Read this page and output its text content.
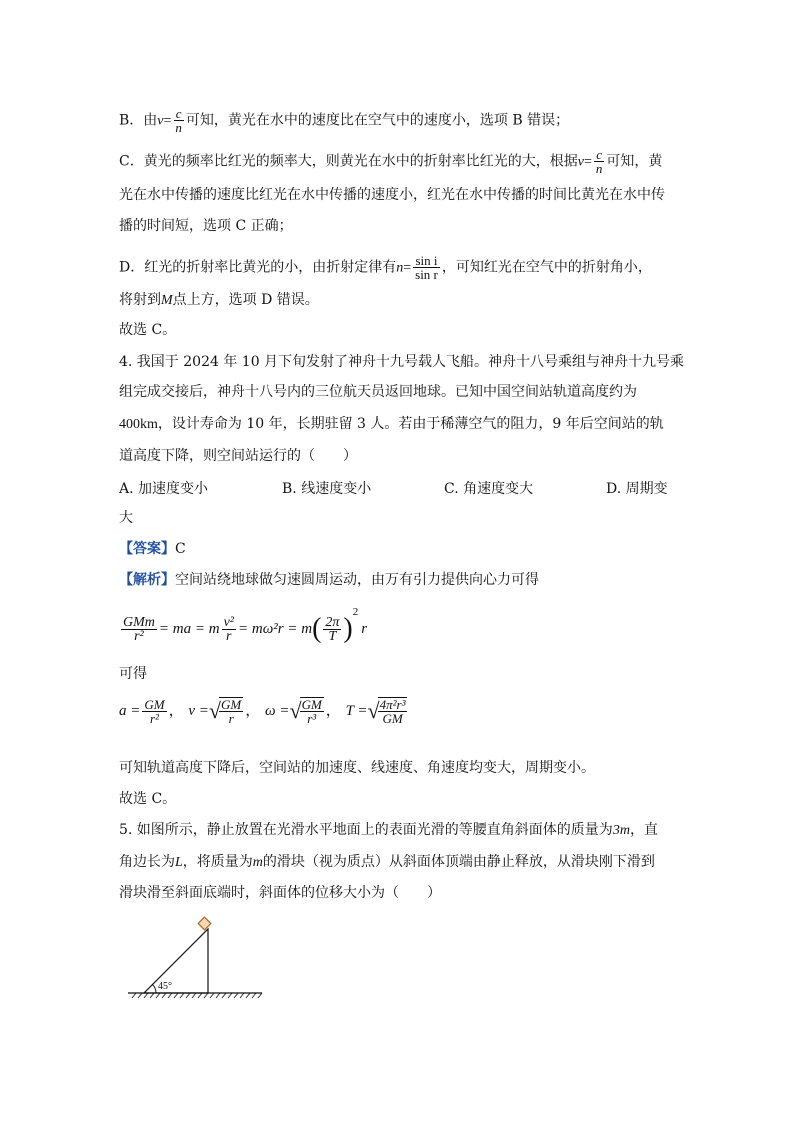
B．由$v= \frac{c}{n}$ 可知，黄光在水中的速度比在空气中的速度小，选项 B 错误；
C．黄光的频率比红光的频率大，则黄光在水中的折射率比红光的大，根据$v= \frac{c}{n}$ 可知，黄
光在水中传播的速度比红光在水中传播的速度小，红光在水中传播的时间比黄光在水中传
播的时间短，选项 C 正确；
D．红光的折射率比黄光的小，由折射定律有$n= \frac{\text{sin i}}{\text{sin r}}$ ，可知红光在空气中的折射角小，
将射到M点上方，选项 D 错误。
故选 C。
4. 我国于 2024 年 10 月下旬发射了神舟十九号载人飞船。神舟十八号乘组与神舟十九号乘
组完成交接后，神舟十八号内的三位航天员返回地球。已知中国空间站轨道高度约为
400km，设计寿命为 10 年，长期驻留 3 人。若由于稀薄空气的阻力，9 年后空间站的轨
道高度下降，则空间站运行的（　　）
A. 加速度变小	B. 线速度变小	C. 角速度变大	D. 周期变
大
【答案】C
【解析】空间站绕地球做匀速圆周运动，由万有引力提供向心力可得
$\frac{\text{GMm}}{\text{r²}}$ = ma = m $\frac{\text{v²}}{r} = m\omega^2r = m( \frac{2\pi}{T} )^2r$
可得
$a = \frac{GM}{\text{r²}}$ ， v =√
$\frac{GM}{r}$ ， ω =√
$\frac{GM}{\text{r³}}$ ， T =√
$\frac{\text{4π²r³}}{GM}$
可知轨道高度下降后，空间站的加速度、线速度、角速度均变大，周期变小。
故选 C。
5. 如图所示，静止放置在光滑水平地面上的表面光滑的等腰直角斜面体的质量为3m，直
角边长为L，将质量为m的滑块（视为质点）从斜面体顶端由静止释放，从滑块刚下滑到
滑块滑至斜面底端时，斜面体的位移大小为（　　）
45°
